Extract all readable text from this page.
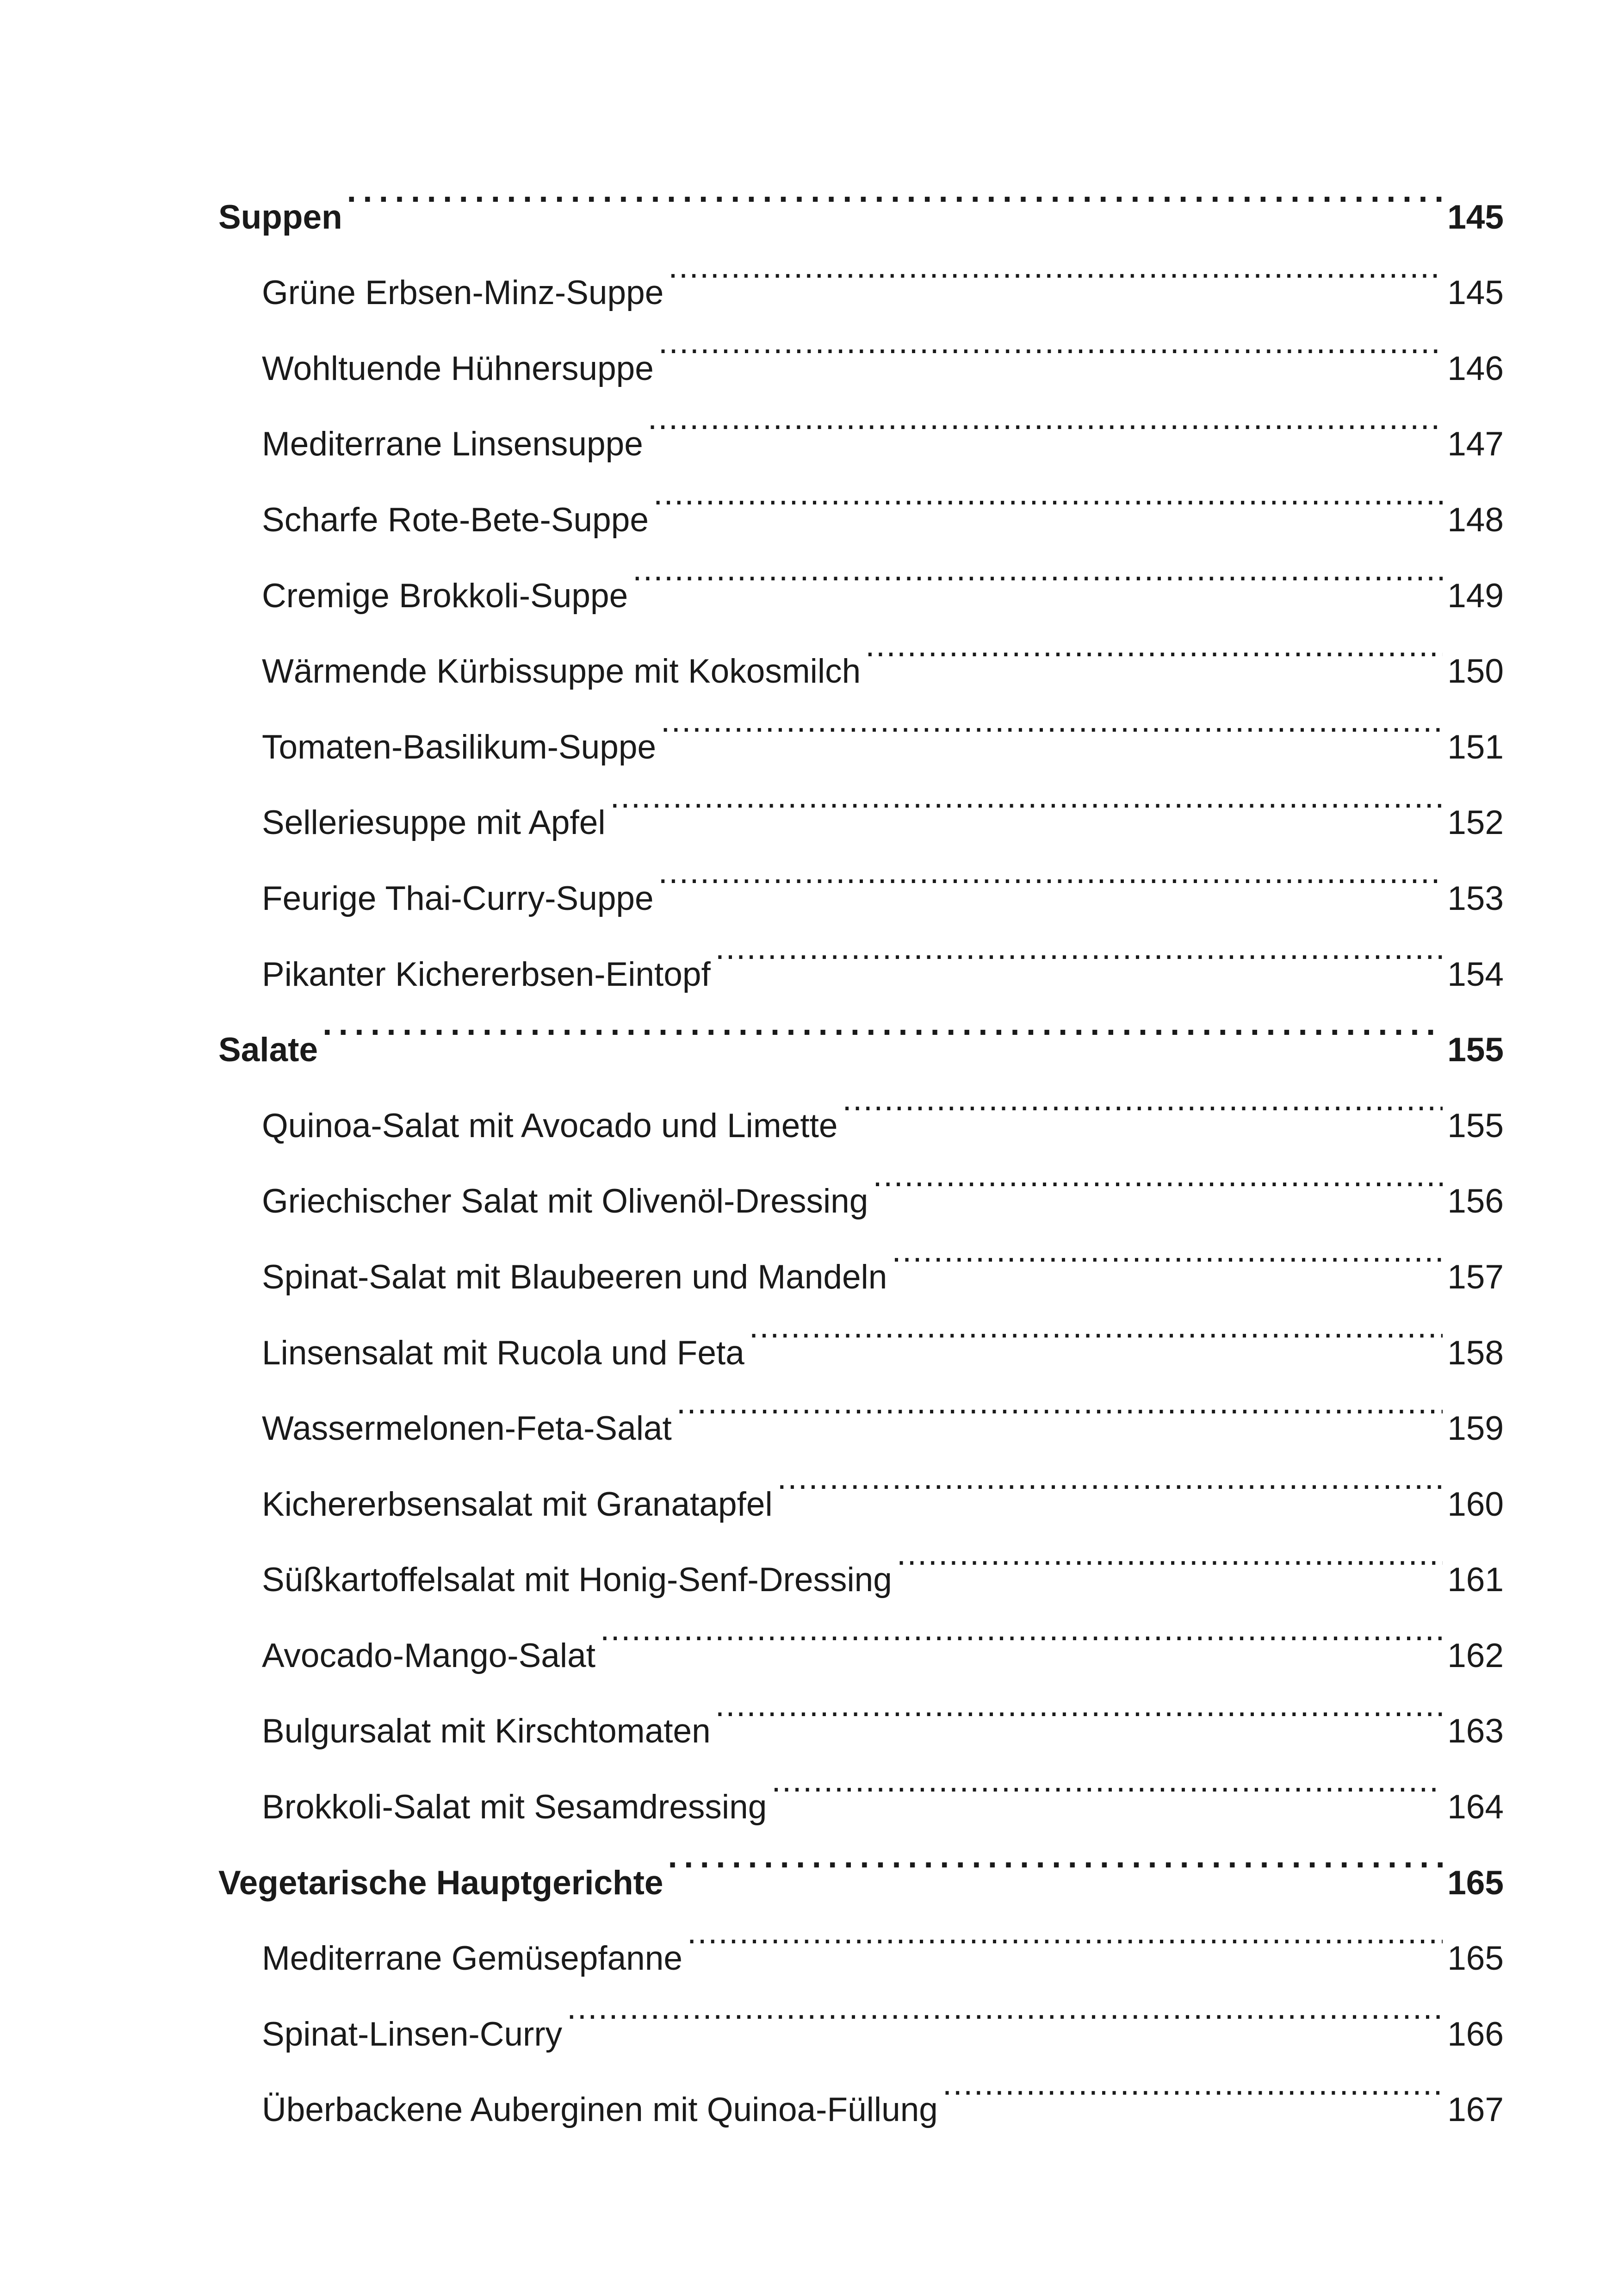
Suppen . . .	145
Grüne Erbsen-Minz-Suppe . . .	145
Wohltuende Hühnersuppe . . .	146
Mediterrane Linsensuppe . . .	147
Scharfe Rote-Bete-Suppe . . .	148
Cremige Brokkoli-Suppe . . .	149
Wärmende Kürbissuppe mit Kokosmilch . . .	150
Tomaten-Basilikum-Suppe . . .	151
Selleriesuppe mit Apfel . . .	152
Feurige Thai-Curry-Suppe . . .	153
Pikanter Kichererbsen-Eintopf . . .	154
Salate . . .	155
Quinoa-Salat mit Avocado und Limette . . .	155
Griechischer Salat mit Olivenöl-Dressing . . .	156
Spinat-Salat mit Blaubeeren und Mandeln . . .	157
Linsensalat mit Rucola und Feta . . .	158
Wassermelonen-Feta-Salat . . .	159
Kichererbsensalat mit Granatapfel . . .	160
Süßkartoffelsalat mit Honig-Senf-Dressing . . .	161
Avocado-Mango-Salat . . .	162
Bulgursalat mit Kirschtomaten . . .	163
Brokkoli-Salat mit Sesamdressing . . .	164
Vegetarische Hauptgerichte . . .	165
Mediterrane Gemüsepfanne . . .	165
Spinat-Linsen-Curry . . .	166
Überbackene Auberginen mit Quinoa-Füllung . . .	167
